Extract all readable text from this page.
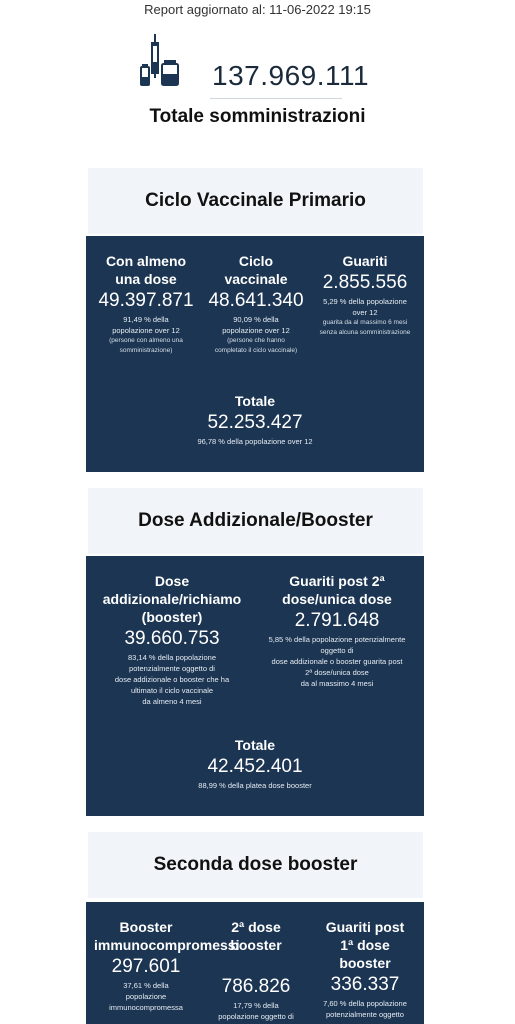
Report aggiornato al: 11-06-2022 19:15
137.969.111
Totale somministrazioni
Ciclo Vaccinale Primario
Con almeno
una dose
49.397.871
91,49 % della
popolazione over 12
(persone con almeno una
somministrazione)
Ciclo
vaccinale
48.641.340
90,09 % della
popolazione over 12
(persone che hanno
completato il ciclo vaccinale)
Guariti
2.855.556
5,29 % della popolazione
over 12
guarita da al massimo 6 mesi
senza alcuna somministrazione
Totale
52.253.427
96,78 % della popolazione over 12
Dose Addizionale/Booster
Dose
addizionale/richiamo
(booster)
39.660.753
83,14 % della popolazione
potenzialmente oggetto di
dose addizionale o booster che ha
ultimato il ciclo vaccinale
da almeno 4 mesi
Guariti post 2ª
dose/unica dose
2.791.648
5,85 % della popolazione potenzialmente
oggetto di
dose addizionale o booster guarita post
2ª dose/unica dose
da al massimo 4 mesi
Totale
42.452.401
88,99 % della platea dose booster
Seconda dose booster
Booster
immunocompromessi
297.601
37,61 % della
popolazione
immunocompromessa
2ª dose
booster
786.826
17,79 % della
popolazione oggetto di
Guariti post
1ª dose
booster
336.337
7,60 % della popolazione
potenzialmente oggetto
